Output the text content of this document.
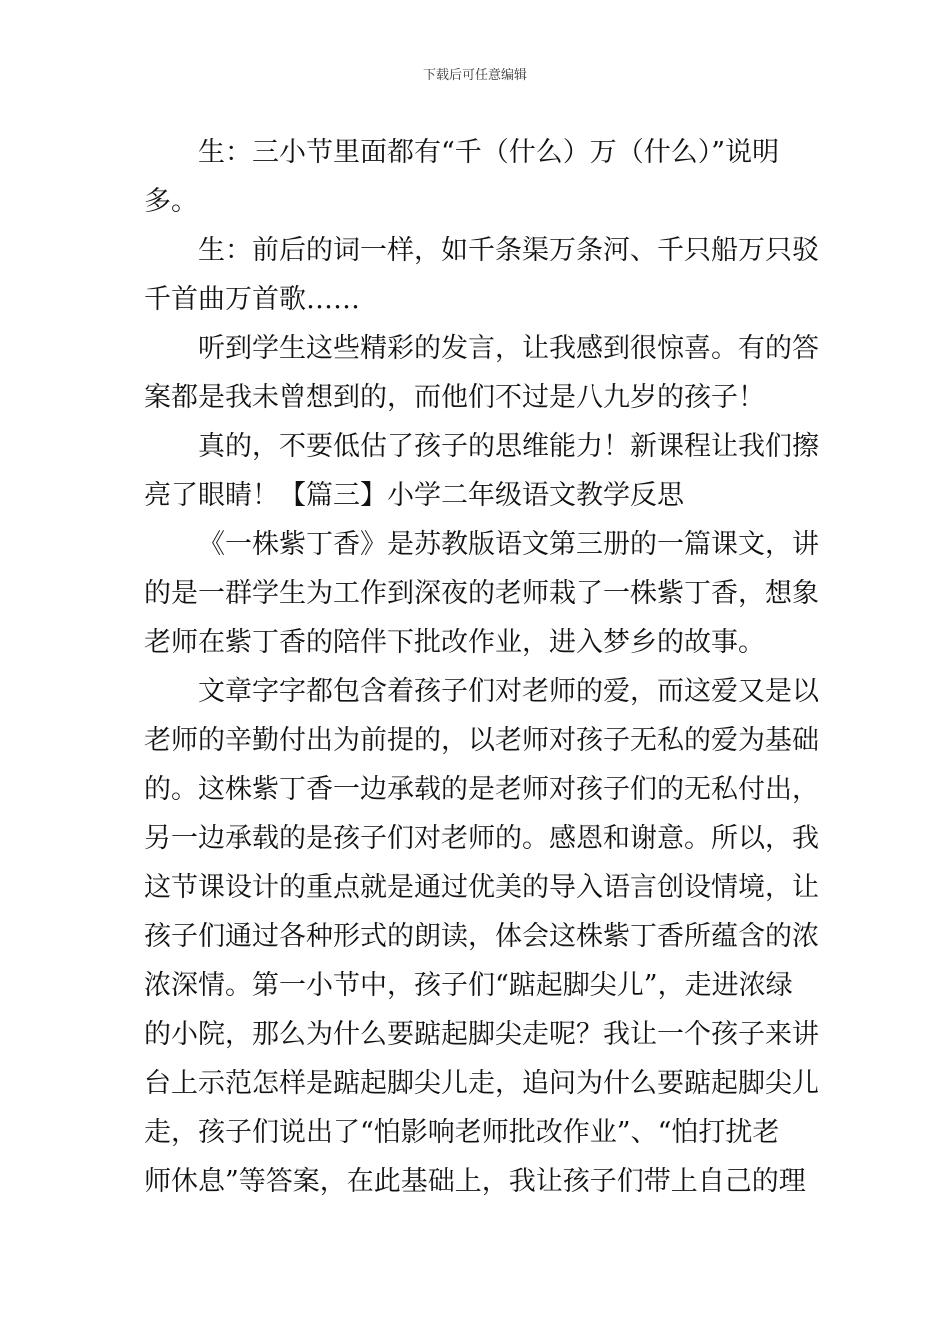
下载后可任意编辑
生：三小节里面都有“千（什么）万（什么）”说明
多。
生：前后的词一样，如千条渠万条河、千只船万只驳
千首曲万首歌……
听到学生这些精彩的发言，让我感到很惊喜。有的答
案都是我未曾想到的，而他们不过是八九岁的孩子！
真的，不要低估了孩子的思维能力！新课程让我们擦
亮了眼睛！【篇三】小学二年级语文教学反思
《一株紫丁香》是苏教版语文第三册的一篇课文，讲
的是一群学生为工作到深夜的老师栽了一株紫丁香，想象
老师在紫丁香的陪伴下批改作业，进入梦乡的故事。
文章字字都包含着孩子们对老师的爱，而这爱又是以
老师的辛勤付出为前提的，以老师对孩子无私的爱为基础
的。这株紫丁香一边承载的是老师对孩子们的无私付出，
另一边承载的是孩子们对老师的。感恩和谢意。所以，我
这节课设计的重点就是通过优美的导入语言创设情境，让
孩子们通过各种形式的朗读，体会这株紫丁香所蕴含的浓
浓深情。第一小节中，孩子们“踮起脚尖儿”，走进浓绿
的小院，那么为什么要踮起脚尖走呢？我让一个孩子来讲
台上示范怎样是踮起脚尖儿走，追问为什么要踮起脚尖儿
走，孩子们说出了“怕影响老师批改作业”、“怕打扰老
师休息”等答案，在此基础上，我让孩子们带上自己的理
